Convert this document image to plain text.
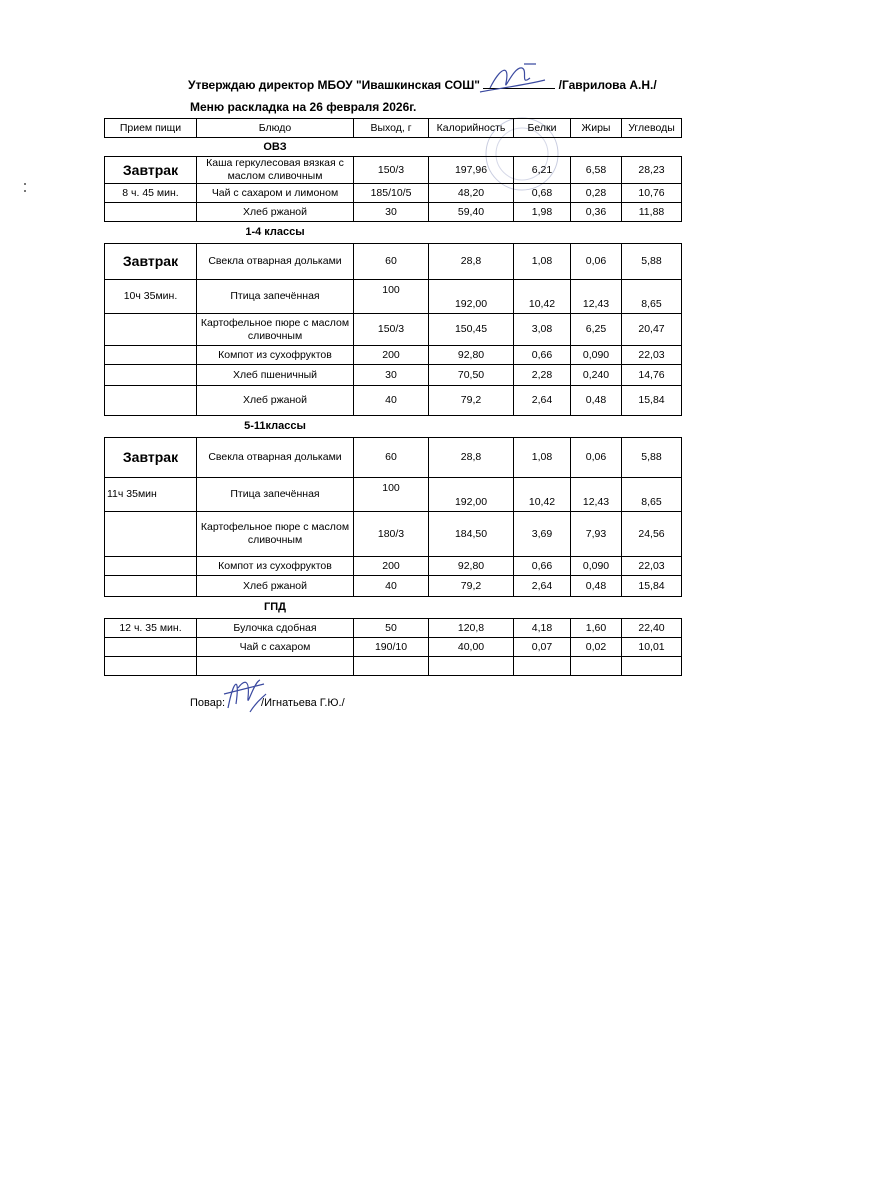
Утверждаю директор МБОУ "Ивашкинская СОШ"	/Гаврилова А.Н./
Меню раскладка на 26 февраля 2026г.
Прием пищи	Блюдо	Выход, г	Калорийность	Белки	Жиры	Углеводы
	ОВЗ					
Завтрак	Каша геркулесовая вязкая с маслом сливочным	150/3	197,96	6,21	6,58	28,23
8 ч. 45 мин.	Чай с сахаром и лимоном	185/10/5	48,20	0,68	0,28	10,76
	Хлеб ржаной	30	59,40	1,98	0,36	11,88
	1-4 классы					
Завтрак	Свекла отварная дольками	60	28,8	1,08	0,06	5,88
10ч 35мин.	Птица запечённая	100	192,00	10,42	12,43	8,65
	Картофельное пюре с маслом сливочным	150/3	150,45	3,08	6,25	20,47
	Компот из сухофруктов	200	92,80	0,66	0,090	22,03
	Хлеб пшеничный	30	70,50	2,28	0,240	14,76
	Хлеб ржаной	40	79,2	2,64	0,48	15,84
	5-11классы					
Завтрак	Свекла отварная дольками	60	28,8	1,08	0,06	5,88
11ч 35мин	Птица запечённая	100	192,00	10,42	12,43	8,65
	Картофельное пюре с маслом сливочным	180/3	184,50	3,69	7,93	24,56
	Компот из сухофруктов	200	92,80	0,66	0,090	22,03
	Хлеб ржаной	40	79,2	2,64	0,48	15,84
	ГПД					
12 ч. 35 мин.	Булочка сдобная	50	120,8	4,18	1,60	22,40
	Чай с сахаром	190/10	40,00	0,07	0,02	10,01

Повар:	/Игнатьева Г.Ю./
